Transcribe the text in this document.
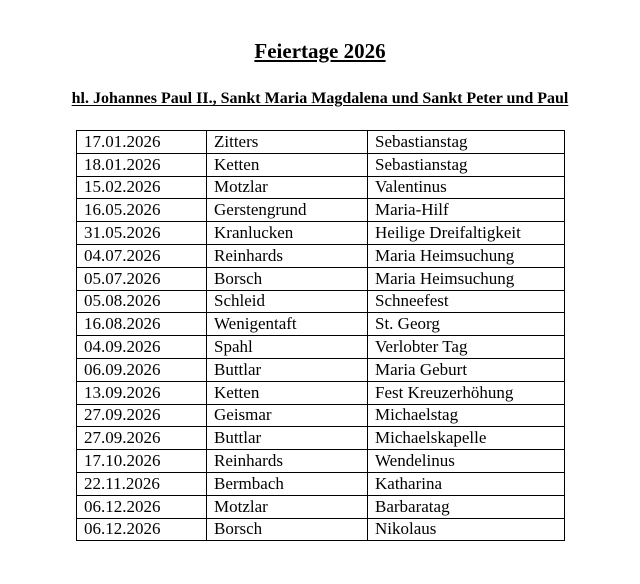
Feiertage 2026
hl. Johannes Paul II., Sankt Maria Magdalena und Sankt Peter und Paul
17.01.2026	Zitters	Sebastianstag
18.01.2026	Ketten	Sebastianstag
15.02.2026	Motzlar	Valentinus
16.05.2026	Gerstengrund	Maria-Hilf
31.05.2026	Kranlucken	Heilige Dreifaltigkeit
04.07.2026	Reinhards	Maria Heimsuchung
05.07.2026	Borsch	Maria Heimsuchung
05.08.2026	Schleid	Schneefest
16.08.2026	Wenigentaft	St. Georg
04.09.2026	Spahl	Verlobter Tag
06.09.2026	Buttlar	Maria Geburt
13.09.2026	Ketten	Fest Kreuzerhöhung
27.09.2026	Geismar	Michaelstag
27.09.2026	Buttlar	Michaelskapelle
17.10.2026	Reinhards	Wendelinus
22.11.2026	Bermbach	Katharina
06.12.2026	Motzlar	Barbaratag
06.12.2026	Borsch	Nikolaus
